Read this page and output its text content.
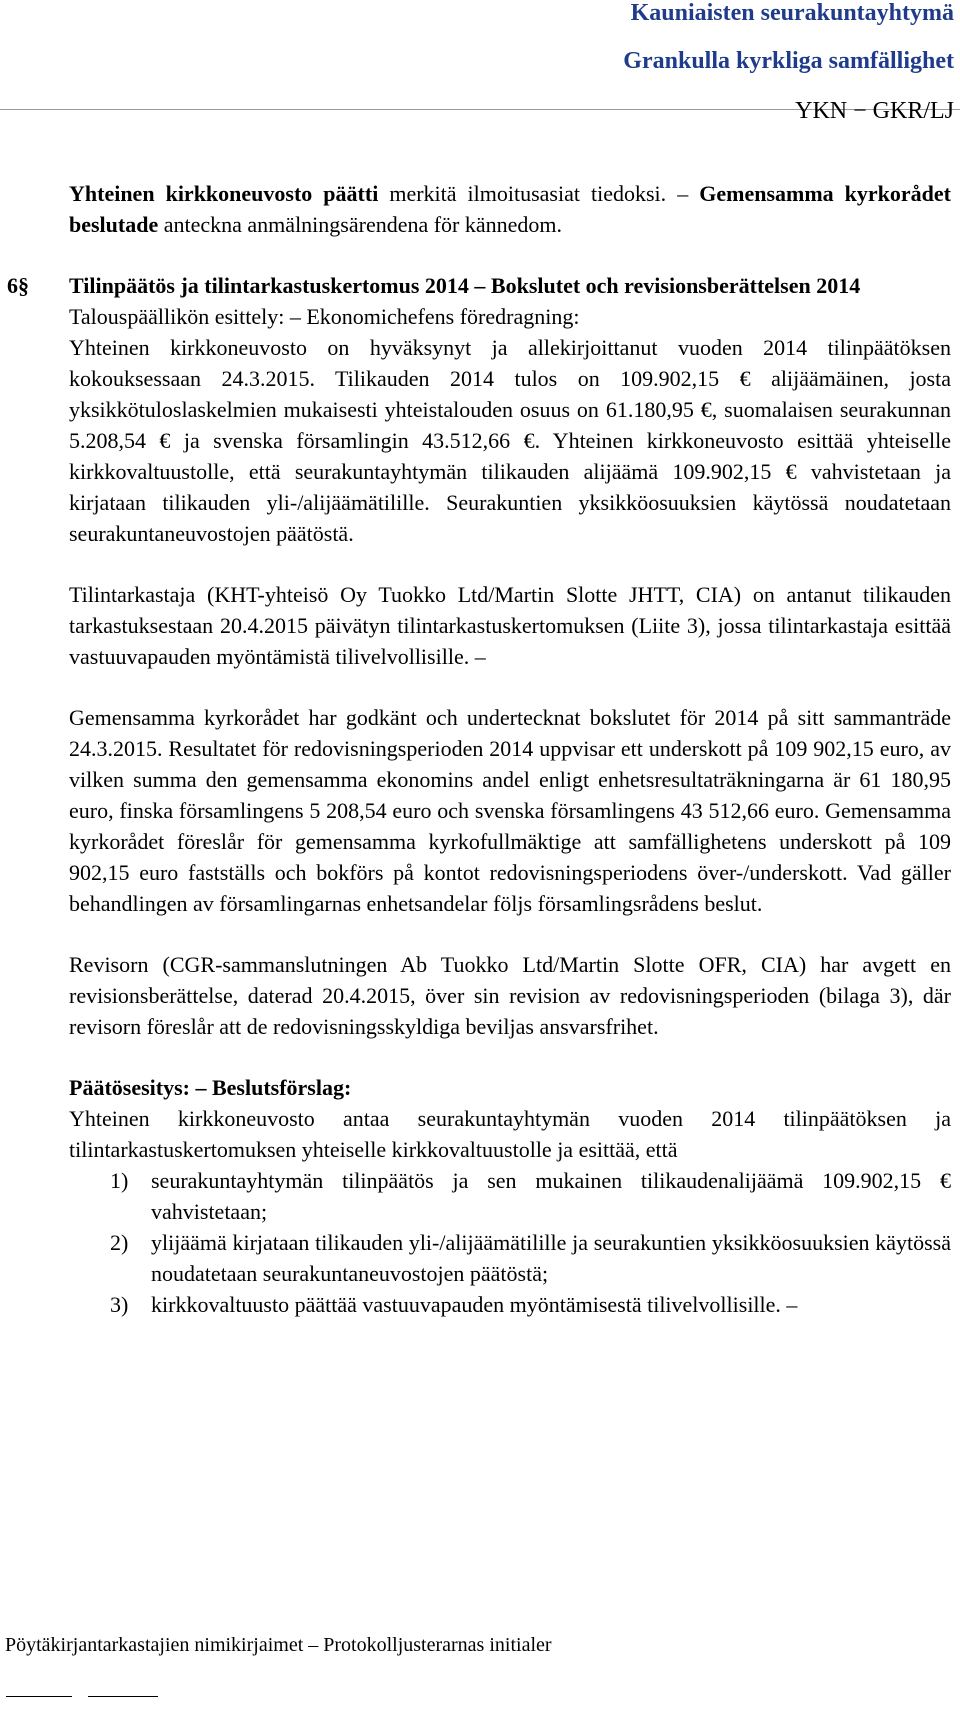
Kauniaisten seurakuntayhtymä
Grankulla kyrkliga samfällighet
YKN − GKR/LJ

Yhteinen kirkkoneuvosto päätti merkitä ilmoitusasiat tiedoksi. – Gemensamma kyrkorådet beslutade anteckna anmälningsärendena för kännedom.

6§ Tilinpäätös ja tilintarkastuskertomus 2014 – Bokslutet och revisionsberättelsen 2014

Talouspäällikön esittely: – Ekonomichefens föredragning:

Yhteinen kirkkoneuvosto on hyväksynyt ja allekirjoittanut vuoden 2014 tilinpäätöksen kokouksessaan 24.3.2015. Tilikauden 2014 tulos on 109.902,15 € alijäämäinen, josta yksikkötuloslaskelmien mukaisesti yhteistalouden osuus on 61.180,95 €, suomalaisen seurakunnan 5.208,54 € ja svenska församlingin 43.512,66 €. Yhteinen kirkkoneuvosto esittää yhteiselle kirkkovaltuustolle, että seurakuntayhtymän tilikauden alijäämä 109.902,15 € vahvistetaan ja kirjataan tilikauden yli-/alijäämätilille. Seurakuntien yksikköosuuksien käytössä noudatetaan seurakuntaneuvostojen päätöstä.

Tilintarkastaja (KHT-yhteisö Oy Tuokko Ltd/Martin Slotte JHTT, CIA) on antanut tilikauden tarkastuksestaan 20.4.2015 päivätyn tilintarkastuskertomuksen (Liite 3), jossa tilintarkastaja esittää vastuuvapauden myöntämistä tilivelvollisille. –

Gemensamma kyrkorådet har godkänt och undertecknat bokslutet för 2014 på sitt sammanträde 24.3.2015. Resultatet för redovisningsperioden 2014 uppvisar ett underskott på 109 902,15 euro, av vilken summa den gemensamma ekonomins andel enligt enhetsresultaträkningarna är 61 180,95 euro, finska församlingens 5 208,54 euro och svenska församlingens 43 512,66 euro. Gemensamma kyrkorådet föreslår för gemensamma kyrkofullmäktige att samfällighetens underskott på 109 902,15 euro fastställs och bokförs på kontot redovisningsperiodens över-/underskott. Vad gäller behandlingen av församlingarnas enhetsandelar följs församlingsrådens beslut.

Revisorn (CGR-sammanslutningen Ab Tuokko Ltd/Martin Slotte OFR, CIA) har avgett en revisionsberättelse, daterad 20.4.2015, över sin revision av redovisningsperioden (bilaga 3), där revisorn föreslår att de redovisningsskyldiga beviljas ansvarsfrihet.

Päätösesitys: – Beslutsförslag:

Yhteinen kirkkoneuvosto antaa seurakuntayhtymän vuoden 2014 tilinpäätöksen ja tilintarkastuskertomuksen yhteiselle kirkkovaltuustolle ja esittää, että

1) seurakuntayhtymän tilinpäätös ja sen mukainen tilikaudenalijäämä 109.902,15 € vahvistetaan;
2) ylijäämä kirjataan tilikauden yli-/alijäämätilille ja seurakuntien yksikköosuuksien käytössä noudatetaan seurakuntaneuvostojen päätöstä;
3) kirkkovaltuusto päättää vastuuvapauden myöntämisestä tilivelvollisille. –
Pöytäkirjantarkastajien nimikirjaimet – Protokolljusterarnas initialer
